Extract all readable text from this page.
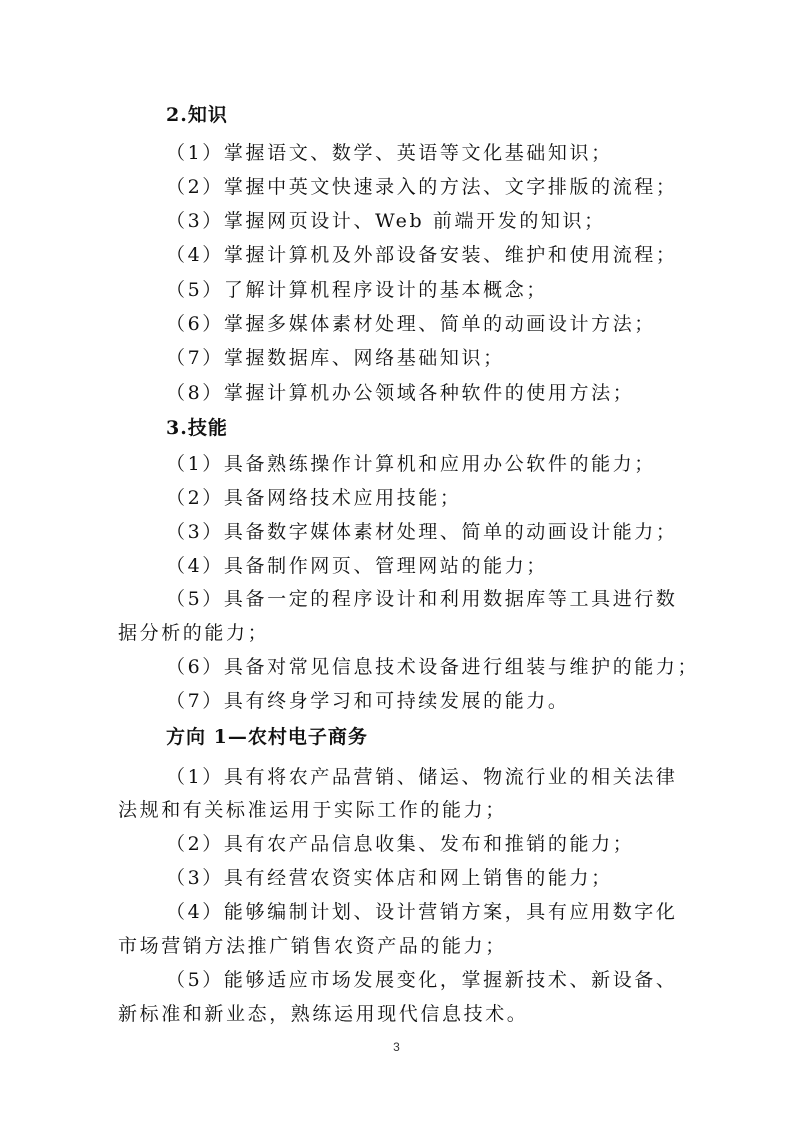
2.知识
（1）掌握语文、数学、英语等文化基础知识；
（2）掌握中英文快速录入的方法、文字排版的流程；
（3）掌握网页设计、Web 前端开发的知识；
（4）掌握计算机及外部设备安装、维护和使用流程；
（5）了解计算机程序设计的基本概念；
（6）掌握多媒体素材处理、简单的动画设计方法；
（7）掌握数据库、网络基础知识；
（8）掌握计算机办公领域各种软件的使用方法；
3.技能
（1）具备熟练操作计算机和应用办公软件的能力；
（2）具备网络技术应用技能；
（3）具备数字媒体素材处理、简单的动画设计能力；
（4）具备制作网页、管理网站的能力；
（5）具备一定的程序设计和利用数据库等工具进行数
据分析的能力；
（6）具备对常见信息技术设备进行组装与维护的能力；
（7）具有终身学习和可持续发展的能力。
方向 1—农村电子商务
（1）具有将农产品营销、储运、物流行业的相关法律
法规和有关标准运用于实际工作的能力；
（2）具有农产品信息收集、发布和推销的能力；
（3）具有经营农资实体店和网上销售的能力；
（4）能够编制计划、设计营销方案，具有应用数字化
市场营销方法推广销售农资产品的能力；
（5）能够适应市场发展变化，掌握新技术、新设备、
新标准和新业态，熟练运用现代信息技术。
3
